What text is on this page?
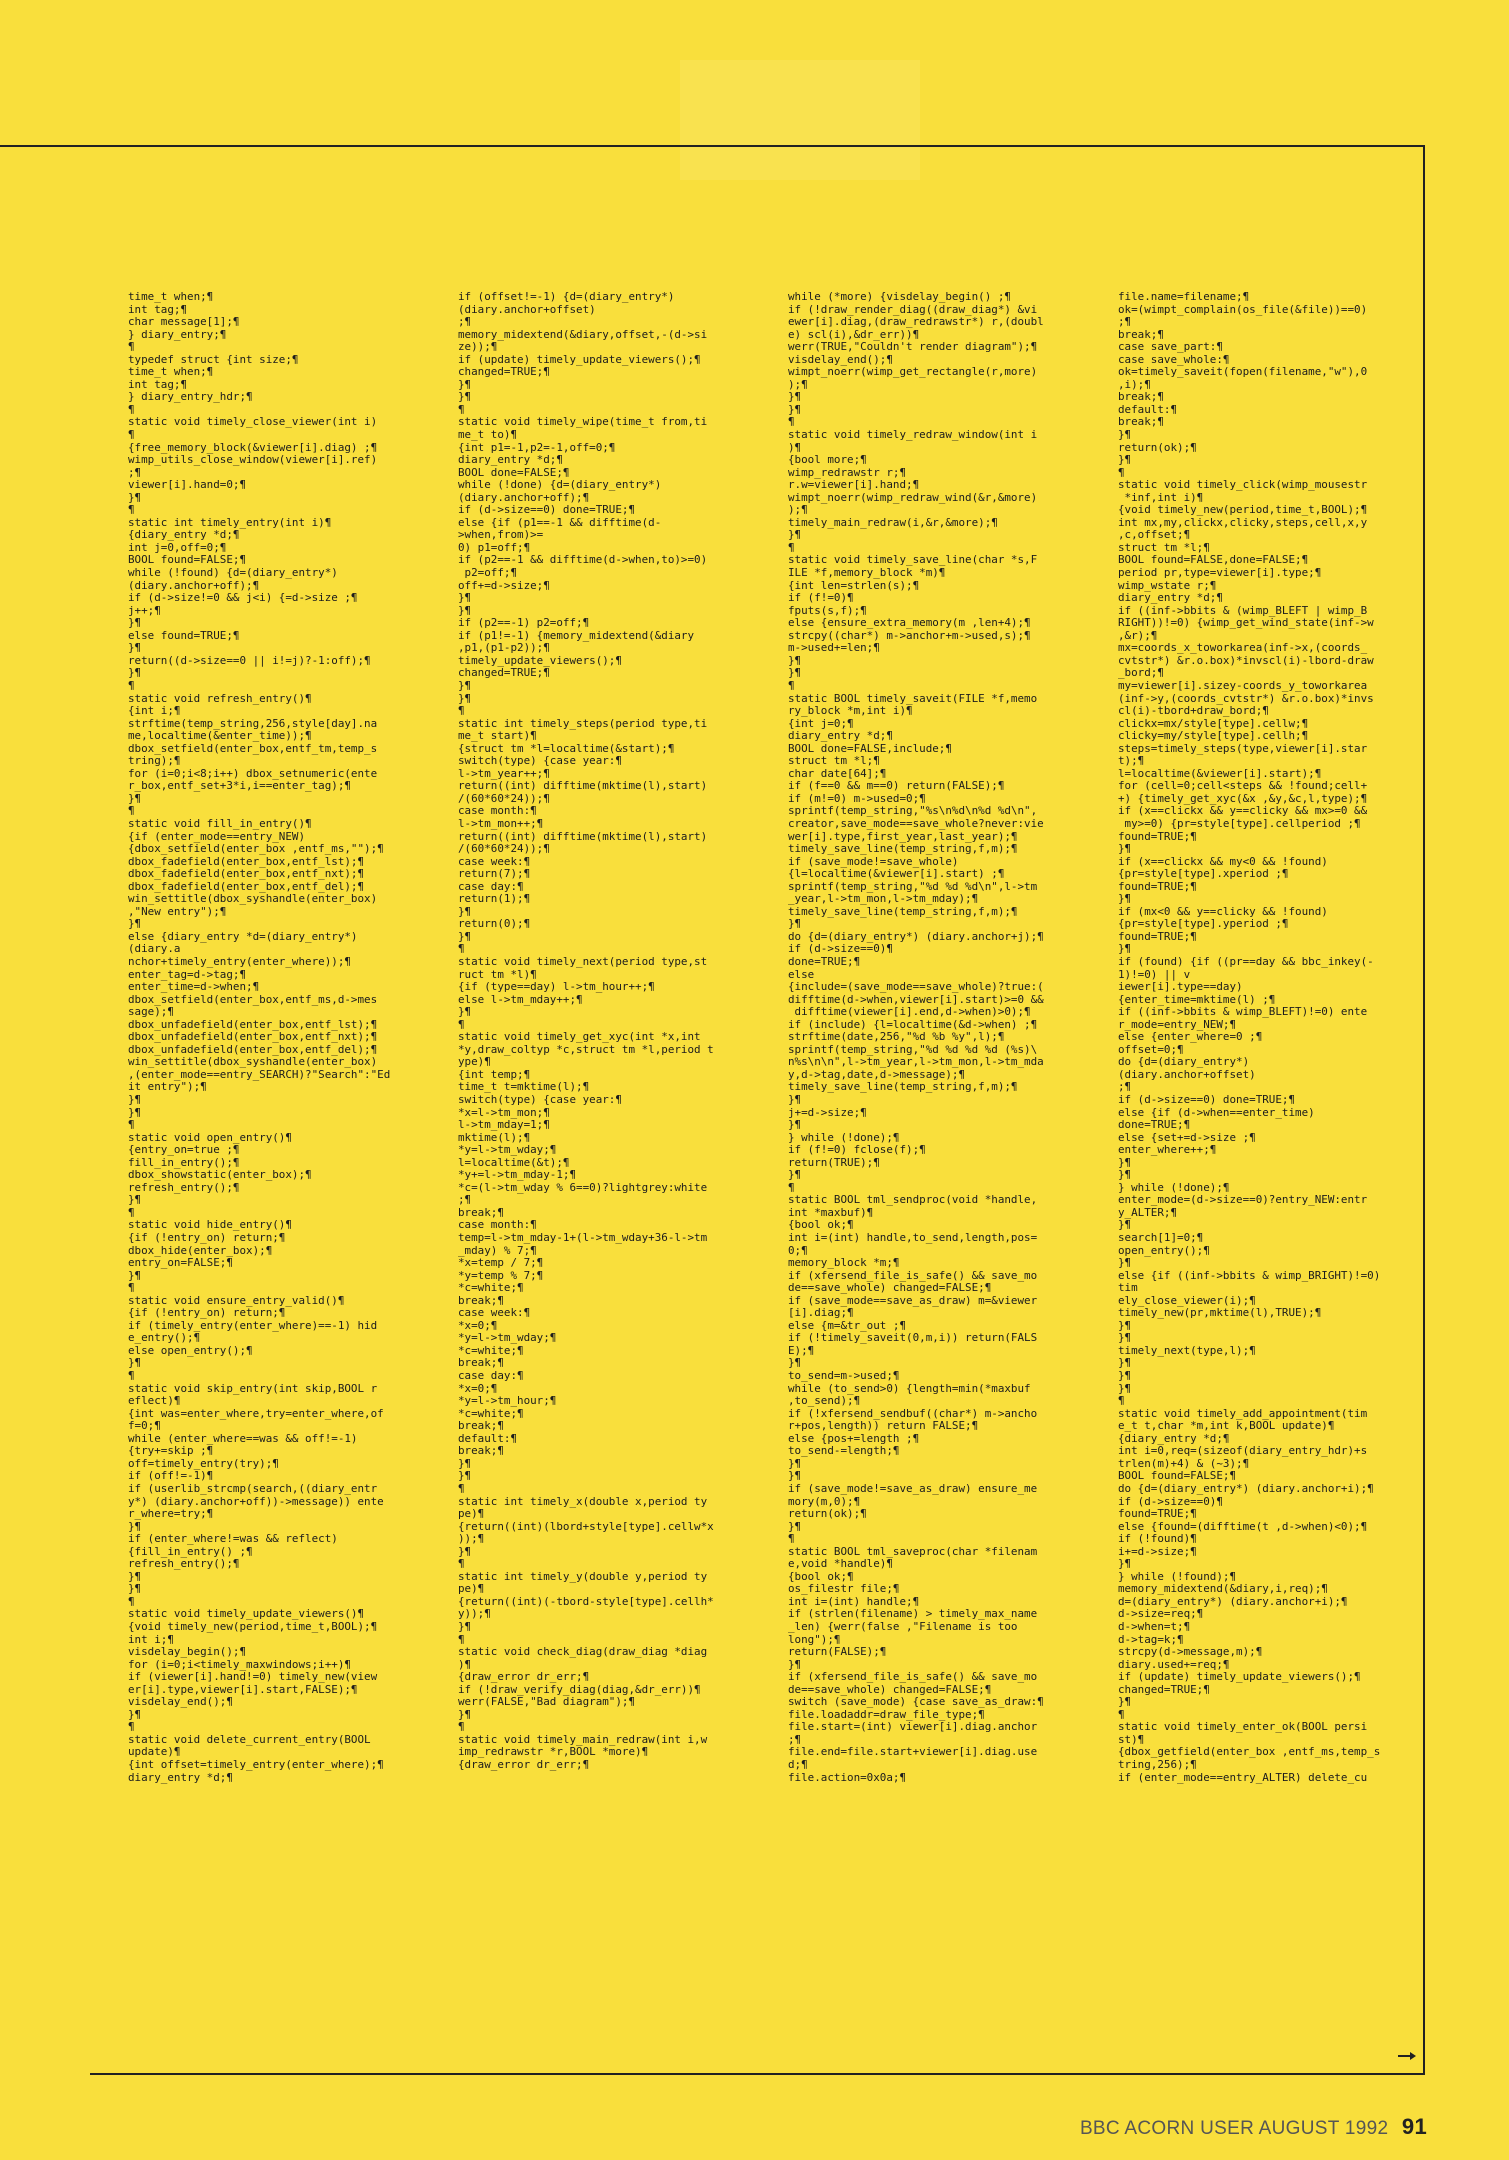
time_t when;¶
int tag;¶
char message[1];¶
} diary_entry;¶
¶
typedef struct {int size;¶
time_t when;¶
int tag;¶
} diary_entry_hdr;¶
¶
static void timely_close_viewer(int i)
¶
{free_memory_block(&viewer[i].diag) ;¶
wimp_utils_close_window(viewer[i].ref)
;¶
viewer[i].hand=0;¶
}¶
¶
static int timely_entry(int i)¶
{diary_entry *d;¶
int j=0,off=0;¶
BOOL found=FALSE;¶
while (!found) {d=(diary_entry*)
(diary.anchor+off);¶
if (d->size!=0 && j<i) {=d->size ;¶
j++;¶
}¶
else found=TRUE;¶
}¶
return((d->size==0 || i!=j)?-1:off);¶
}¶
¶
static void refresh_entry()¶
{int i;¶
strftime(temp_string,256,style[day].na
me,localtime(&enter_time));¶
dbox_setfield(enter_box,entf_tm,temp_s
tring);¶
for (i=0;i<8;i++) dbox_setnumeric(ente
r_box,entf_set+3*i,i==enter_tag);¶
}¶
¶
static void fill_in_entry()¶
{if (enter_mode==entry_NEW)
{dbox_setfield(enter_box ,entf_ms,"");¶
dbox_fadefield(enter_box,entf_lst);¶
dbox_fadefield(enter_box,entf_nxt);¶
dbox_fadefield(enter_box,entf_del);¶
win_settitle(dbox_syshandle(enter_box)
,"New entry");¶
}¶
else {diary_entry *d=(diary_entry*)
(diary.a
nchor+timely_entry(enter_where));¶
enter_tag=d->tag;¶
enter_time=d->when;¶
dbox_setfield(enter_box,entf_ms,d->mes
sage);¶
dbox_unfadefield(enter_box,entf_lst);¶
dbox_unfadefield(enter_box,entf_nxt);¶
dbox_unfadefield(enter_box,entf_del);¶
win_settitle(dbox_syshandle(enter_box)
,(enter_mode==entry_SEARCH)?"Search":"Ed
it entry");¶
}¶
}¶
¶
static void open_entry()¶
{entry_on=true ;¶
fill_in_entry();¶
dbox_showstatic(enter_box);¶
refresh_entry();¶
}¶
¶
static void hide_entry()¶
{if (!entry_on) return;¶
dbox_hide(enter_box);¶
entry_on=FALSE;¶
}¶
¶
static void ensure_entry_valid()¶
{if (!entry_on) return;¶
if (timely_entry(enter_where)==-1) hid
e_entry();¶
else open_entry();¶
}¶
¶
static void skip_entry(int skip,BOOL r
eflect)¶
{int was=enter_where,try=enter_where,of
f=0;¶
while (enter_where==was && off!=-1)
{try+=skip ;¶
off=timely_entry(try);¶
if (off!=-1)¶
if (userlib_strcmp(search,((diary_entr
y*) (diary.anchor+off))->message)) ente
r_where=try;¶
}¶
if (enter_where!=was && reflect)
{fill_in_entry() ;¶
refresh_entry();¶
}¶
}¶
¶
static void timely_update_viewers()¶
{void timely_new(period,time_t,BOOL);¶
int i;¶
visdelay_begin();¶
for (i=0;i<timely_maxwindows;i++)¶
if (viewer[i].hand!=0) timely_new(view
er[i].type,viewer[i].start,FALSE);¶
visdelay_end();¶
}¶
¶
static void delete_current_entry(BOOL
update)¶
{int offset=timely_entry(enter_where);¶
diary_entry *d;¶
if (offset!=-1) {d=(diary_entry*)
(diary.anchor+offset)
;¶
memory_midextend(&diary,offset,-(d->si
ze));¶
if (update) timely_update_viewers();¶
changed=TRUE;¶
}¶
}¶
¶
static void timely_wipe(time_t from,ti
me_t to)¶
{int p1=-1,p2=-1,off=0;¶
diary_entry *d;¶
BOOL done=FALSE;¶
while (!done) {d=(diary_entry*)
(diary.anchor+off);¶
if (d->size==0) done=TRUE;¶
else {if (p1==-1 && difftime(d-
>when,from)>=
0) p1=off;¶
if (p2==-1 && difftime(d->when,to)>=0)
p2=off;¶
off+=d->size;¶
}¶
}¶
if (p2==-1) p2=off;¶
if (p1!=-1) {memory_midextend(&diary
,p1,(p1-p2));¶
timely_update_viewers();¶
changed=TRUE;¶
}¶
}¶
¶
static int timely_steps(period type,ti
me_t start)¶
{struct tm *l=localtime(&start);¶
switch(type) {case year:¶
l->tm_year++;¶
return((int) difftime(mktime(l),start)
/(60*60*24));¶
case month:¶
l->tm_mon++;¶
return((int) difftime(mktime(l),start)
/(60*60*24));¶
case week:¶
return(7);¶
case day:¶
return(1);¶
}¶
return(0);¶
}¶
¶
static void timely_next(period type,st
ruct tm *l)¶
{if (type==day) l->tm_hour++;¶
else l->tm_mday++;¶
}¶
¶
static void timely_get_xyc(int *x,int
*y,draw_coltyp *c,struct tm *l,period t
ype)¶
{int temp;¶
time_t t=mktime(l);¶
switch(type) {case year:¶
*x=l->tm_mon;¶
l->tm_mday=1;¶
mktime(l);¶
*y=l->tm_wday;¶
l=localtime(&t);¶
*y+=l->tm_mday-1;¶
*c=(l->tm_wday % 6==0)?lightgrey:white
;¶
break;¶
case month:¶
temp=l->tm_mday-1+(l->tm_wday+36-l->tm
_mday) % 7;¶
*x=temp / 7;¶
*y=temp % 7;¶
*c=white;¶
break;¶
case week:¶
*x=0;¶
*y=l->tm_wday;¶
*c=white;¶
break;¶
case day:¶
*x=0;¶
*y=l->tm_hour;¶
*c=white;¶
break;¶
default:¶
break;¶
}¶
}¶
¶
static int timely_x(double x,period ty
pe)¶
{return((int)(lbord+style[type].cellw*x
));¶
}¶
¶
static int timely_y(double y,period ty
pe)¶
{return((int)(-tbord-style[type].cellh*
y));¶
}¶
¶
static void check_diag(draw_diag *diag
)¶
{draw_error dr_err;¶
if (!draw_verify_diag(diag,&dr_err))¶
werr(FALSE,"Bad diagram");¶
}¶
¶
static void timely_main_redraw(int i,w
imp_redrawstr *r,BOOL *more)¶
{draw_error dr_err;¶
while (*more) {visdelay_begin() ;¶
if (!draw_render_diag((draw_diag*) &vi
ewer[i].diag,(draw_redrawstr*) r,(doubl
e) scl(i),&dr_err))¶
werr(TRUE,"Couldn't render diagram");¶
visdelay_end();¶
wimpt_noerr(wimp_get_rectangle(r,more)
);¶
}¶
}¶
¶
static void timely_redraw_window(int i
)¶
{bool more;¶
wimp_redrawstr r;¶
r.w=viewer[i].hand;¶
wimpt_noerr(wimp_redraw_wind(&r,&more)
);¶
timely_main_redraw(i,&r,&more);¶
}¶
¶
static void timely_save_line(char *s,F
ILE *f,memory_block *m)¶
{int len=strlen(s);¶
if (f!=0)¶
fputs(s,f);¶
else {ensure_extra_memory(m ,len+4);¶
strcpy((char*) m->anchor+m->used,s);¶
m->used+=len;¶
}¶
}¶
¶
static BOOL timely_saveit(FILE *f,memo
ry_block *m,int i)¶
{int j=0;¶
diary_entry *d;¶
BOOL done=FALSE,include;¶
struct tm *l;¶
char date[64];¶
if (f==0 && m==0) return(FALSE);¶
if (m!=0) m->used=0;¶
sprintf(temp_string,"%s\n%d\n%d %d\n",
creator,save_mode==save_whole?never:vie
wer[i].type,first_year,last_year);¶
timely_save_line(temp_string,f,m);¶
if (save_mode!=save_whole)
{l=localtime(&viewer[i].start) ;¶
sprintf(temp_string,"%d %d %d\n",l->tm
_year,l->tm_mon,l->tm_mday);¶
timely_save_line(temp_string,f,m);¶
}¶
do {d=(diary_entry*) (diary.anchor+j);¶
if (d->size==0)¶
done=TRUE;¶
else
{include=(save_mode==save_whole)?true:(
difftime(d->when,viewer[i].start)>=0 &&
difftime(viewer[i].end,d->when)>0);¶
if (include) {l=localtime(&d->when) ;¶
strftime(date,256,"%d %b %y",l);¶
sprintf(temp_string,"%d %d %d %d (%s)\
n%s\n\n",l->tm_year,l->tm_mon,l->tm_mda
y,d->tag,date,d->message);¶
timely_save_line(temp_string,f,m);¶
}¶
j+=d->size;¶
}¶
} while (!done);¶
if (f!=0) fclose(f);¶
return(TRUE);¶
}¶
¶
static BOOL tml_sendproc(void *handle,
int *maxbuf)¶
{bool ok;¶
int i=(int) handle,to_send,length,pos=
0;¶
memory_block *m;¶
if (xfersend_file_is_safe() && save_mo
de==save_whole) changed=FALSE;¶
if (save_mode==save_as_draw) m=&viewer
[i].diag;¶
else {m=&tr_out ;¶
if (!timely_saveit(0,m,i)) return(FALS
E);¶
}¶
to_send=m->used;¶
while (to_send>0) {length=min(*maxbuf
,to_send);¶
if (!xfersend_sendbuf((char*) m->ancho
r+pos,length)) return FALSE;¶
else {pos+=length ;¶
to_send-=length;¶
}¶
}¶
if (save_mode!=save_as_draw) ensure_me
mory(m,0);¶
return(ok);¶
}¶
¶
static BOOL tml_saveproc(char *filenam
e,void *handle)¶
{bool ok;¶
os_filestr file;¶
int i=(int) handle;¶
if (strlen(filename) > timely_max_name
_len) {werr(false ,"Filename is too
long");¶
return(FALSE);¶
}¶
if (xfersend_file_is_safe() && save_mo
de==save_whole) changed=FALSE;¶
switch (save_mode) {case save_as_draw:¶
file.loadaddr=draw_file_type;¶
file.start=(int) viewer[i].diag.anchor
;¶
file.end=file.start+viewer[i].diag.use
d;¶
file.action=0x0a;¶
file.name=filename;¶
ok=(wimpt_complain(os_file(&file))==0)
;¶
break;¶
case save_part:¶
case save_whole:¶
ok=timely_saveit(fopen(filename,"w"),0
,i);¶
break;¶
default:¶
break;¶
}¶
return(ok);¶
}¶
¶
static void timely_click(wimp_mousestr
*inf,int i)¶
{void timely_new(period,time_t,BOOL);¶
int mx,my,clickx,clicky,steps,cell,x,y
,c,offset;¶
struct tm *l;¶
BOOL found=FALSE,done=FALSE;¶
period pr,type=viewer[i].type;¶
wimp_wstate r;¶
diary_entry *d;¶
if ((inf->bbits & (wimp_BLEFT | wimp_B
RIGHT))!=0) {wimp_get_wind_state(inf->w
,&r);¶
mx=coords_x_toworkarea(inf->x,(coords_
cvtstr*) &r.o.box)*invscl(i)-lbord-draw
_bord;¶
my=viewer[i].sizey-coords_y_toworkarea
(inf->y,(coords_cvtstr*) &r.o.box)*invs
cl(i)-tbord+draw_bord;¶
clickx=mx/style[type].cellw;¶
clicky=my/style[type].cellh;¶
steps=timely_steps(type,viewer[i].star
t);¶
l=localtime(&viewer[i].start);¶
for (cell=0;cell<steps && !found;cell+
+) {timely_get_xyc(&x ,&y,&c,l,type);¶
if (x==clickx && y==clicky && mx>=0 &&
my>=0) {pr=style[type].cellperiod ;¶
found=TRUE;¶
}¶
if (x==clickx && my<0 && !found)
{pr=style[type].xperiod ;¶
found=TRUE;¶
}¶
if (mx<0 && y==clicky && !found)
{pr=style[type].yperiod ;¶
found=TRUE;¶
}¶
if (found) {if ((pr==day && bbc_inkey(-
1)!=0) || v
iewer[i].type==day)
{enter_time=mktime(l) ;¶
if ((inf->bbits & wimp_BLEFT)!=0) ente
r_mode=entry_NEW;¶
else {enter_where=0 ;¶
offset=0;¶
do {d=(diary_entry*)
(diary.anchor+offset)
;¶
if (d->size==0) done=TRUE;¶
else {if (d->when==enter_time)
done=TRUE;¶
else {set+=d->size ;¶
enter_where++;¶
}¶
}¶
} while (!done);¶
enter_mode=(d->size==0)?entry_NEW:entr
y_ALTER;¶
}¶
search[1]=0;¶
open_entry();¶
}¶
else {if ((inf->bbits & wimp_BRIGHT)!=0)
tim
ely_close_viewer(i);¶
timely_new(pr,mktime(l),TRUE);¶
}¶
}¶
timely_next(type,l);¶
}¶
}¶
}¶
¶
static void timely_add_appointment(tim
e_t t,char *m,int k,BOOL update)¶
{diary_entry *d;¶
int i=0,req=(sizeof(diary_entry_hdr)+s
trlen(m)+4) & (~3);¶
BOOL found=FALSE;¶
do {d=(diary_entry*) (diary.anchor+i);¶
if (d->size==0)¶
found=TRUE;¶
else {found=(difftime(t ,d->when)<0);¶
if (!found)¶
i+=d->size;¶
}¶
} while (!found);¶
memory_midextend(&diary,i,req);¶
d=(diary_entry*) (diary.anchor+i);¶
d->size=req;¶
d->when=t;¶
d->tag=k;¶
strcpy(d->message,m);¶
diary.used+=req;¶
if (update) timely_update_viewers();¶
changed=TRUE;¶
}¶
¶
static void timely_enter_ok(BOOL persi
st)¶
{dbox_getfield(enter_box ,entf_ms,temp_s
tring,256);¶
if (enter_mode==entry_ALTER) delete_cu
BBC ACORN USER AUGUST 1992 91
